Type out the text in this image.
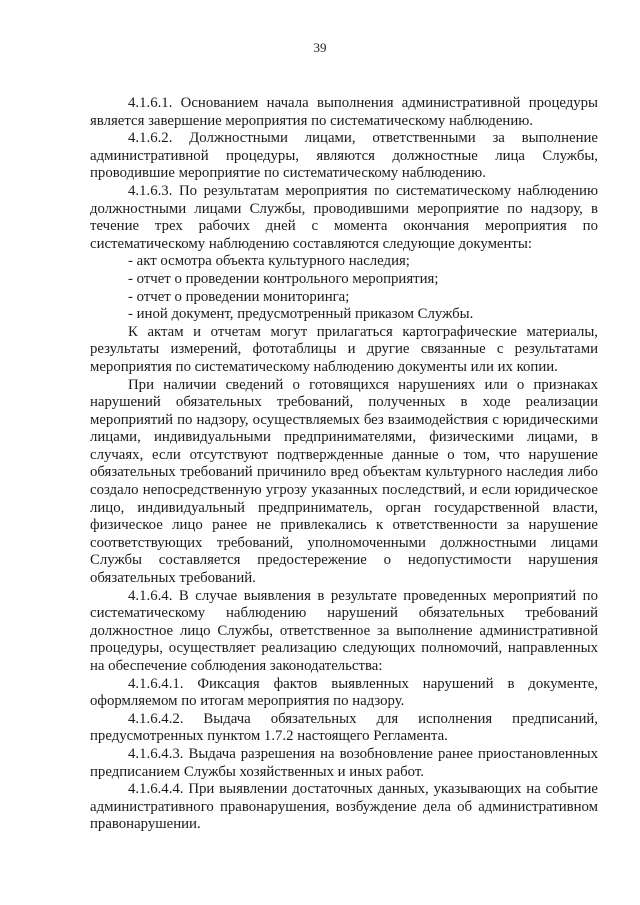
39

4.1.6.1. Основанием начала выполнения административной процедуры является завершение мероприятия по систематическому наблюдению.

4.1.6.2. Должностными лицами, ответственными за выполнение административной процедуры, являются должностные лица Службы, проводившие мероприятие по систематическому наблюдению.

4.1.6.3. По результатам мероприятия по систематическому наблюдению должностными лицами Службы, проводившими мероприятие по надзору, в течение трех рабочих дней с момента окончания мероприятия по систематическому наблюдению составляются следующие документы:

- акт осмотра объекта культурного наследия;

- отчет о проведении контрольного мероприятия;

- отчет о проведении мониторинга;

- иной документ, предусмотренный приказом Службы.

К актам и отчетам могут прилагаться картографические материалы, результаты измерений, фототаблицы и другие связанные с результатами мероприятия по систематическому наблюдению документы или их копии.

При наличии сведений о готовящихся нарушениях или о признаках нарушений обязательных требований, полученных в ходе реализации мероприятий по надзору, осуществляемых без взаимодействия с юридическими лицами, индивидуальными предпринимателями, физическими лицами, в случаях, если отсутствуют подтвержденные данные о том, что нарушение обязательных требований причинило вред объектам культурного наследия либо создало непосредственную угрозу указанных последствий, и если юридическое лицо, индивидуальный предприниматель, орган государственной власти, физическое лицо ранее не привлекались к ответственности за нарушение соответствующих требований, уполномоченными должностными лицами Службы составляется предостережение о недопустимости нарушения обязательных требований.

4.1.6.4. В случае выявления в результате проведенных мероприятий по систематическому наблюдению нарушений обязательных требований должностное лицо Службы, ответственное за выполнение административной процедуры, осуществляет реализацию следующих полномочий, направленных на обеспечение соблюдения законодательства:

4.1.6.4.1. Фиксация фактов выявленных нарушений в документе, оформляемом по итогам мероприятия по надзору.

4.1.6.4.2. Выдача обязательных для исполнения предписаний, предусмотренных пунктом 1.7.2 настоящего Регламента.

4.1.6.4.3. Выдача разрешения на возобновление ранее приостановленных предписанием Службы хозяйственных и иных работ.

4.1.6.4.4. При выявлении достаточных данных, указывающих на событие административного правонарушения, возбуждение дела об административном правонарушении.
